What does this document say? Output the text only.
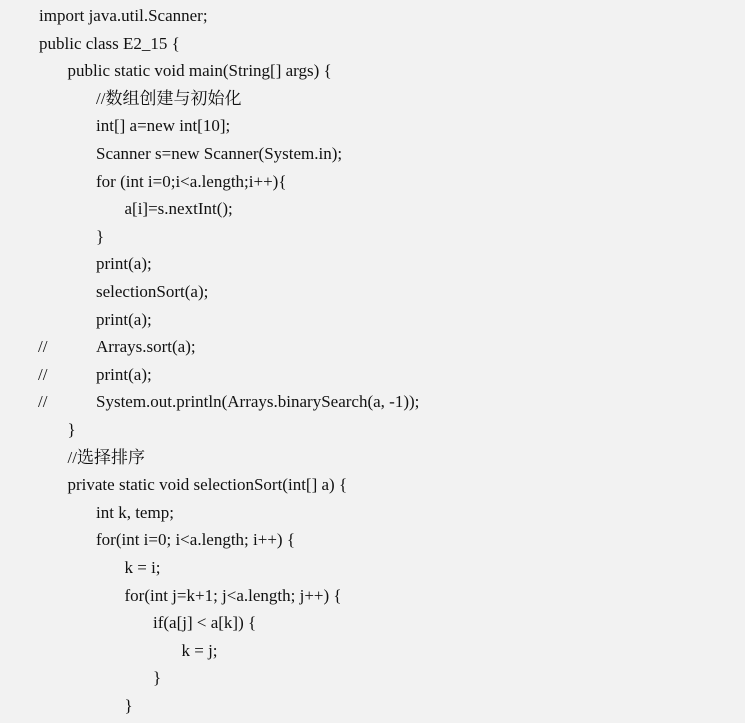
import java.util.Scanner;
public class E2_15 {
public static void main(String[] args) {
//数组创建与初始化
int[] a=new int[10];
Scanner s=new Scanner(System.in);
for (int i=0;i<a.length;i++){
a[i]=s.nextInt();
}
print(a);
selectionSort(a);
print(a);
//	Arrays.sort(a);
//	print(a);
//	System.out.println(Arrays.binarySearch(a, -1));
}
//选择排序
private static void selectionSort(int[] a) {
int k, temp;
for(int i=0; i<a.length; i++) {
k = i;
for(int j=k+1; j<a.length; j++) {
if(a[j] < a[k]) {
k = j;
}
}
